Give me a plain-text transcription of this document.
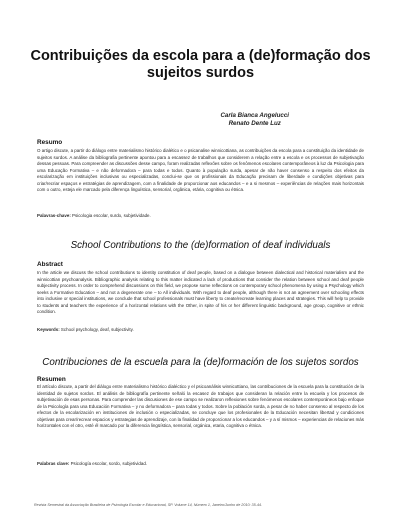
Contribuições da escola para a (de)formação dos sujeitos surdos
Carla Bianca Angelucci
Renato Dente Luz
Resumo
O artigo discute, a partir do diálogo entre materialismo histórico dialético e o psicanalise winnicottiana, as contribuições da escola para a constituição da identidade de sujeitos surdos. A análise da bibliografia pertinente apontou para a escassez de trabalhos que considerem a relação entre a escola e os processos de subjetivação dessas pessoas. Para compreender as discussões desse campo, foram realizadas reflexões sobre os fenômenos escolares contemporâneos à luz da Psicologia para uma Educação Formativa – e não deformadora – para todas e todos. Quanto à população surda, apesar de não haver consenso a respeito dos efeitos da escolarização em instituições inclusivas ou especializadas, conclui-se que os profissionais da Educação precisam de liberdade e condições objetivas para criar/recriar espaços e estratégias de aprendizagem, com a finalidade de proporcionar aos educandos – e a si mesmos – experiências de relações mais horizontais com o outro, esteja ele marcado pela diferença linguística, sensorial, orgânica, etária, cognitiva ou étnica.
Palavras-chave: Psicologia escolar, surdo, subjetividade.
School Contributions to the (de)formation of deaf individuals
Abstract
In the article we discuss the school contributions to identity constitution of deaf people, based on a dialogue between dialectical and historical materialism and the winnicottian psychoanalysis. Bibliographic analysis relating to this matter indicated a lack of productions that consider the relation between school and deaf people subjectivity process. In order to comprehend discussions on this field, we propose some reflections on contemporary school phenomena by using a Psychology which seeks a Formative Education – and not a degenerate one – to All individuals. With regard to deaf people, although there is not an agreement over schooling effects into inclusive or special institutions, we conclude that school professionals must have liberty to create/recreate learning places and strategies. This will help to provide to students and teachers the experience of a horizontal relations with the Other, in spite of his or her different linguistic background, age group, cognitive or ethnic condition.
Keywords: School psychology, deaf, subjectivity.
Contribuciones de la escuela para la (de)formación de los sujetos sordos
Resumen
El artículo discute, a partir del diálogo entre materialismo histórico dialéctico y el psicoanálisis winnicottiano, las contribuciones de la escuela para la constitución de la identidad de sujetos sordos. El análisis de bibliografía pertinente señaló la escasez de trabajos que consideran la relación entre la escuela y los procesos de subjetivación de esas personas. Para comprender las discusiones de ese campo se realizaron reflexiones sobre fenómenos escolares contemporáneos bajo enfoque de la Psicología para una Educación Formativa – y no deformadora – para todas y todos. Sobre la población sorda, a pesar de no haber consenso al respecto de los efectos de la escolarización en instituciones de inclusión o especializadas, se concluye que los profesionales de la Educación necesitan libertad y condiciones objetivas para crear/recrear espacios y estrategias de aprendizaje, con la finalidad de proporcionar a los educandos – y a sí mismos – experiencias de relaciones más horizontales con el otro, esté él marcado por la diferencia lingüística, sensorial, orgánica, etaria, cognitiva o étnica.
Palabras clave: Psicología escolar, sordo, subjetividad.
Revista Semestral da Associação Brasileira de Psicologia Escolar e Educacional, SP. Volume 14, Número 1, Janeiro/Junho de 2010: 35-44.
